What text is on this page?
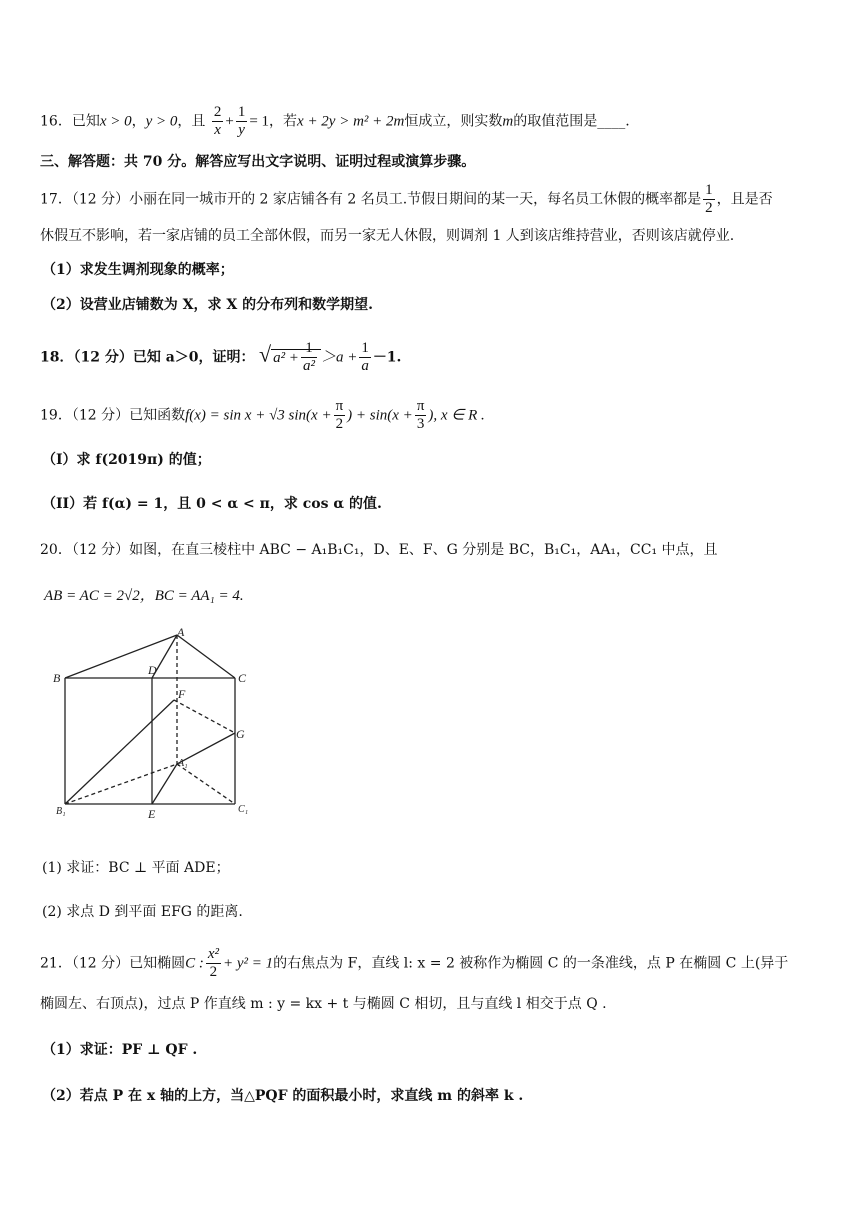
16．已知x > 0，y > 0，且 $\frac{2}{x} + \frac{1}{y} = 1$，若x + 2y > m² + 2m恒成立，则实数m的取值范围是____.
三、解答题：共 70 分。解答应写出文字说明、证明过程或演算步骤。
17．（12 分）小丽在同一城市开的 2 家店铺各有 2 名员工.节假日期间的某一天，每名员工休假的概率都是 $\frac{1}{2}$ ，且是否
休假互不影响，若一家店铺的员工全部休假，而另一家无人休假，则调剂 1 人到该店维持营业，否则该店就停业.
（1）求发生调剂现象的概率；
（2）设营业店铺数为 X，求 X 的分布列和数学期望.
18．（12 分）已知 a＞0，证明： √ $a^2 + \frac{1}{\text{a²}} >a + \frac{1}{a} -1$.
19．（12 分）已知函数f(x) = sin x + √3 $\sin(x + \frac{\pi}{2}$ ) + $\sin(x + \frac{\pi}{3}$ ), x ∈ R .
（I）求 f(2019π) 的值；
（II）若 f(α) = 1，且 0 < α < π，求 cos α 的值.
20．（12 分）如图，在直三棱柱中 ABC − A₁B₁C₁，D、E、F、G 分别是 BC，B₁C₁，AA₁，CC₁ 中点，且
AB = AC = 2√2，BC = AA₁ = 4.
A
B
D
C
F
G
A₁
B₁	E	C₁
(1) 求证：BC ⊥ 平面 ADE；
(2) 求点 D 到平面 EFG 的距离.
21．（12 分）已知椭圆C : $\frac{\text{x²}}{2} + y^2 = 1$的右焦点为 F，直线 l: x = 2 被称作为椭圆 C 的一条准线，点 P 在椭圆 C 上(异于
椭圆左、右顶点)，过点 P 作直线 m : y = kx + t 与椭圆 C 相切，且与直线 l 相交于点 Q .
（1）求证：PF ⊥ QF .
（2）若点 P 在 x 轴的上方，当△PQF 的面积最小时，求直线 m 的斜率 k .
